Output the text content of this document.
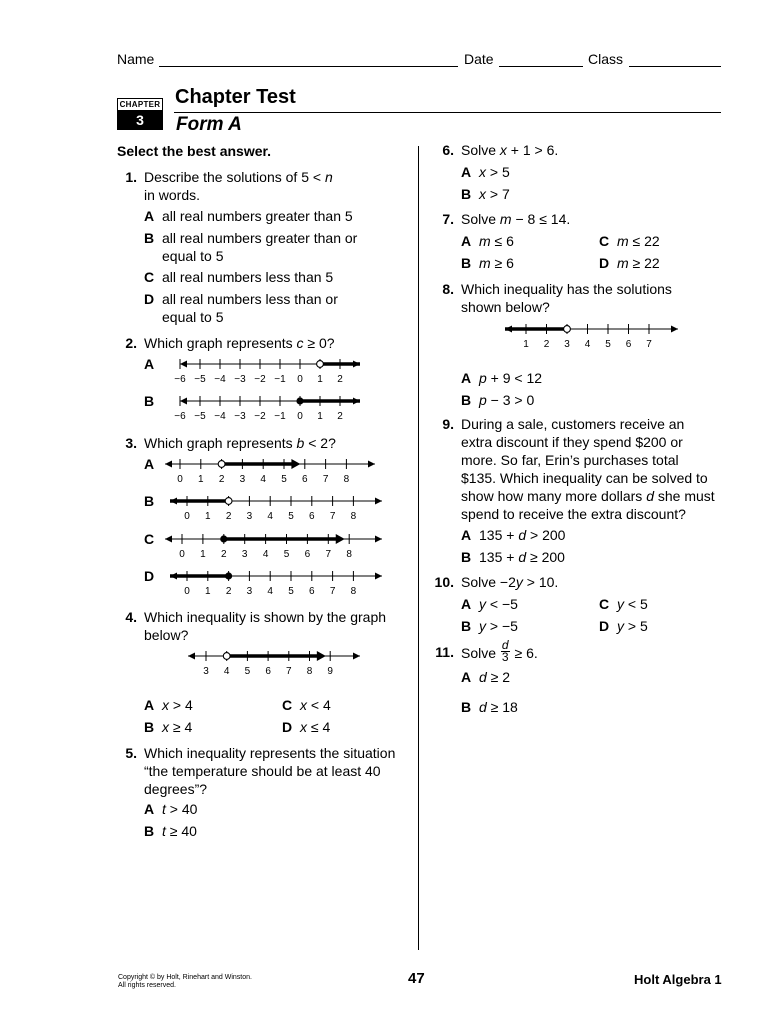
Name	Date	Class
CHAPTER
3
Chapter Test
Form A
Select the best answer.
1. Describe the solutions of 5 < n
in words.
A all real numbers greater than 5
B all real numbers greater than or
equal to 5
C all real numbers less than 5
D all real numbers less than or
equal to 5
2. Which graph represents c ≥ 0?
A
−6 −5 −4 −3 −2 −1 0 1 2
B
−6 −5 −4 −3 −2 −1 0 1 2
3. Which graph represents b < 2?
A
0 1 2 3 4 5 6 7 8
B
0 1 2 3 4 5 6 7 8
C
0 1 2 3 4 5 6 7 8
D
0 1 2 3 4 5 6 7 8
4. Which inequality is shown by the graph
below?
3 4 5 6 7 8 9
A x > 4	C x < 4
B x ≥ 4	D x ≤ 4
5. Which inequality represents the situation
“the temperature should be at least 40
degrees”?
A t > 40
B t ≥ 40
6. Solve x + 1 > 6.
A x > 5
B x > 7
7. Solve m − 8 ≤ 14.
A m ≤ 6	C m ≤ 22
B m ≥ 6	D m ≥ 22
8. Which inequality has the solutions
shown below?
1 2 3 4 5 6 7
A p + 9 < 12
B p − 3 > 0
9. During a sale, customers receive an
extra discount if they spend $200 or
more. So far, Erin’s purchases total
$135. Which inequality can be solved to
show how many more dollars d she must
spend to receive the extra discount?
A 135 + d > 200
B 135 + d ≥ 200
10. Solve −2y > 10.
A y < −5	C y < 5
B y > −5	D y > 5
11. Solve $\frac{d}{3} \ge 6$.
A d ≥ 2
B d ≥ 18
Copyright © by Holt, Rinehart and Winston.
All rights reserved.	47	Holt Algebra 1
